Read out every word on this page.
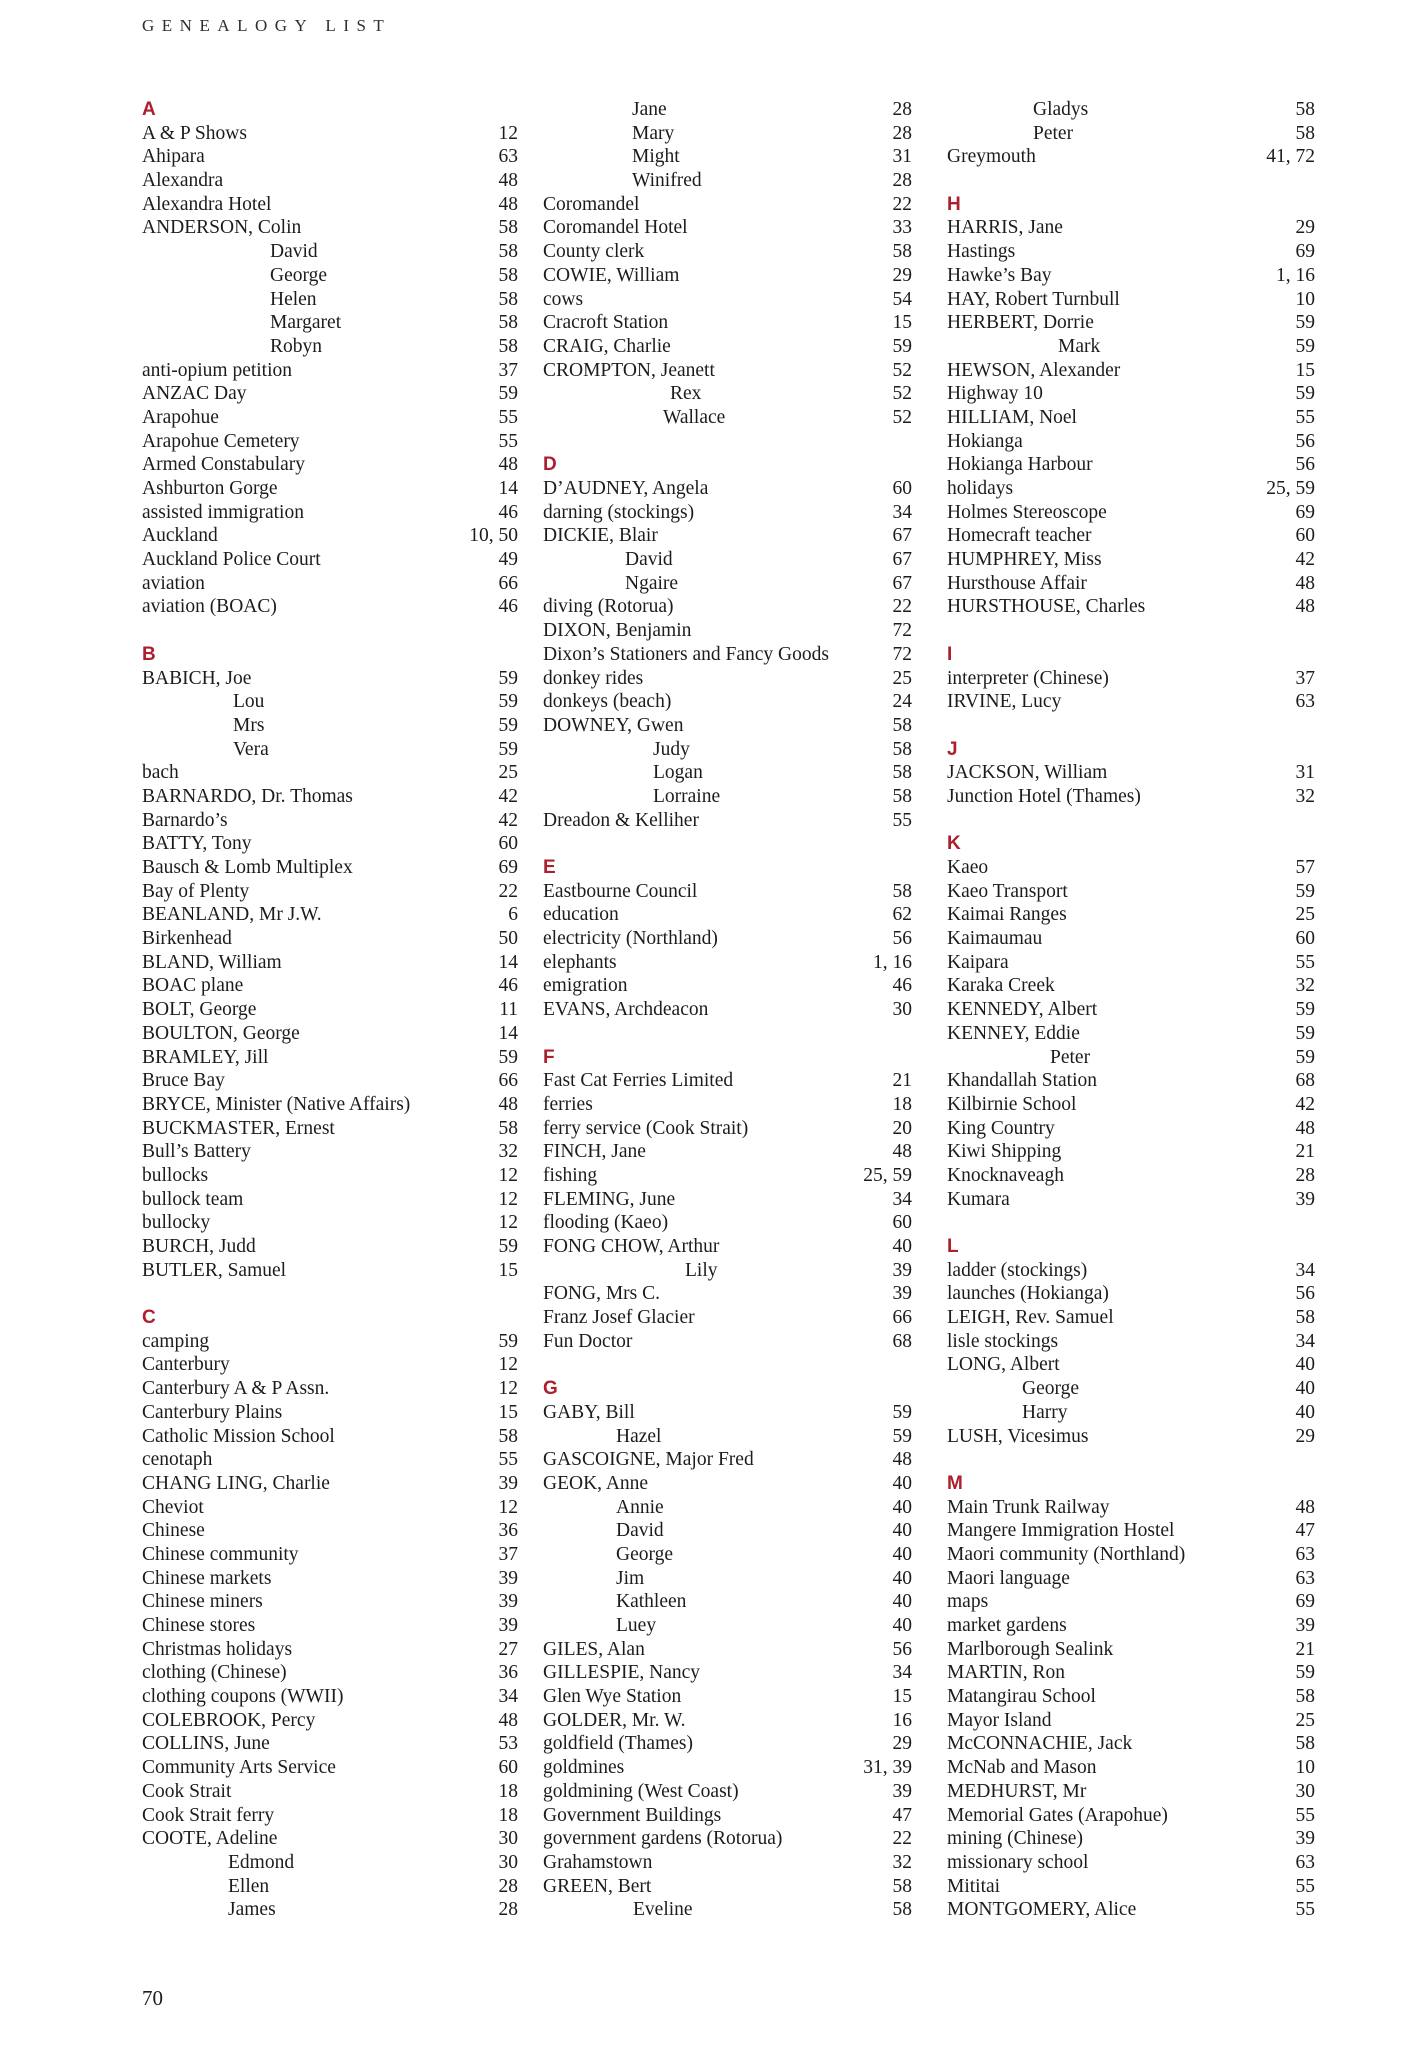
GENEALOGY LIST
A
A & P Shows	12
Ahipara	63
Alexandra	48
Alexandra Hotel	48
ANDERSON, Colin	58
David	58
George	58
Helen	58
Margaret	58
Robyn	58
anti-opium petition	37
ANZAC Day	59
Arapohue	55
Arapohue Cemetery	55
Armed Constabulary	48
Ashburton Gorge	14
assisted immigration	46
Auckland	10, 50
Auckland Police Court	49
aviation	66
aviation (BOAC)	46
B
BABICH, Joe	59
Lou	59
Mrs	59
Vera	59
bach	25
BARNARDO, Dr. Thomas	42
Barnardo’s	42
BATTY, Tony	60
Bausch & Lomb Multiplex	69
Bay of Plenty	22
BEANLAND, Mr J.W.	6
Birkenhead	50
BLAND, William	14
BOAC plane	46
BOLT, George	11
BOULTON, George	14
BRAMLEY, Jill	59
Bruce Bay	66
BRYCE, Minister (Native Affairs)	48
BUCKMASTER, Ernest	58
Bull’s Battery	32
bullocks	12
bullock team	12
bullocky	12
BURCH, Judd	59
BUTLER, Samuel	15
C
camping	59
Canterbury	12
Canterbury A & P Assn.	12
Canterbury Plains	15
Catholic Mission School	58
cenotaph	55
CHANG LING, Charlie	39
Cheviot	12
Chinese	36
Chinese community	37
Chinese markets	39
Chinese miners	39
Chinese stores	39
Christmas holidays	27
clothing (Chinese)	36
clothing coupons (WWII)	34
COLEBROOK, Percy	48
COLLINS, June	53
Community Arts Service	60
Cook Strait	18
Cook Strait ferry	18
COOTE, Adeline	30
Edmond	30
Ellen	28
James	28
Jane	28
Mary	28
Might	31
Winifred	28
Coromandel	22
Coromandel Hotel	33
County clerk	58
COWIE, William	29
cows	54
Cracroft Station	15
CRAIG, Charlie	59
CROMPTON, Jeanett	52
Rex	52
Wallace	52
D
D’AUDNEY, Angela	60
darning (stockings)	34
DICKIE, Blair	67
David	67
Ngaire	67
diving (Rotorua)	22
DIXON, Benjamin	72
Dixon’s Stationers and Fancy Goods	72
donkey rides	25
donkeys (beach)	24
DOWNEY, Gwen	58
Judy	58
Logan	58
Lorraine	58
Dreadon & Kelliher	55
E
Eastbourne Council	58
education	62
electricity (Northland)	56
elephants	1, 16
emigration	46
EVANS, Archdeacon	30
F
Fast Cat Ferries Limited	21
ferries	18
ferry service (Cook Strait)	20
FINCH, Jane	48
fishing	25, 59
FLEMING, June	34
flooding (Kaeo)	60
FONG CHOW, Arthur	40
Lily	39
FONG, Mrs C.	39
Franz Josef Glacier	66
Fun Doctor	68
G
GABY, Bill	59
Hazel	59
GASCOIGNE, Major Fred	48
GEOK, Anne	40
Annie	40
David	40
George	40
Jim	40
Kathleen	40
Luey	40
GILES, Alan	56
GILLESPIE, Nancy	34
Glen Wye Station	15
GOLDER, Mr. W.	16
goldfield (Thames)	29
goldmines	31, 39
goldmining (West Coast)	39
Government Buildings	47
government gardens (Rotorua)	22
Grahamstown	32
GREEN, Bert	58
Eveline	58
Gladys	58
Peter	58
Greymouth	41, 72
H
HARRIS, Jane	29
Hastings	69
Hawke’s Bay	1, 16
HAY, Robert Turnbull	10
HERBERT, Dorrie	59
Mark	59
HEWSON, Alexander	15
Highway 10	59
HILLIAM, Noel	55
Hokianga	56
Hokianga Harbour	56
holidays	25, 59
Holmes Stereoscope	69
Homecraft teacher	60
HUMPHREY, Miss	42
Hursthouse Affair	48
HURSTHOUSE, Charles	48
I
interpreter (Chinese)	37
IRVINE, Lucy	63
J
JACKSON, William	31
Junction Hotel (Thames)	32
K
Kaeo	57
Kaeo Transport	59
Kaimai Ranges	25
Kaimaumau	60
Kaipara	55
Karaka Creek	32
KENNEDY, Albert	59
KENNEY, Eddie	59
Peter	59
Khandallah Station	68
Kilbirnie School	42
King Country	48
Kiwi Shipping	21
Knocknaveagh	28
Kumara	39
L
ladder (stockings)	34
launches (Hokianga)	56
LEIGH, Rev. Samuel	58
lisle stockings	34
LONG, Albert	40
George	40
Harry	40
LUSH, Vicesimus	29
M
Main Trunk Railway	48
Mangere Immigration Hostel	47
Maori community (Northland)	63
Maori language	63
maps	69
market gardens	39
Marlborough Sealink	21
MARTIN, Ron	59
Matangirau School	58
Mayor Island	25
McCONNACHIE, Jack	58
McNab and Mason	10
MEDHURST, Mr	30
Memorial Gates (Arapohue)	55
mining (Chinese)	39
missionary school	63
Mititai	55
MONTGOMERY, Alice	55
70
